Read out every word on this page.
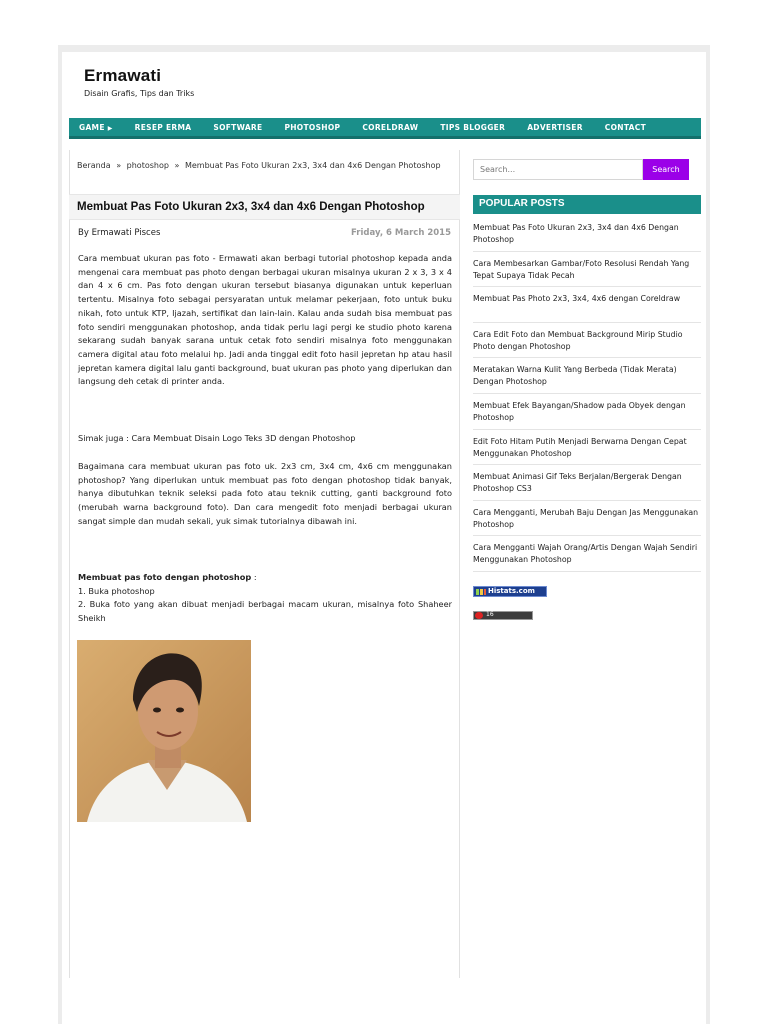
Ermawati
Disain Grafis, Tips dan Triks
GAME ▶	RESEP ERMA	SOFTWARE	PHOTOSHOP	CORELDRAW	TIPS BLOGGER	ADVERTISER	CONTACT
Beranda » photoshop » Membuat Pas Foto Ukuran 2x3, 3x4 dan 4x6 Dengan Photoshop
Membuat Pas Foto Ukuran 2x3, 3x4 dan 4x6 Dengan Photoshop
By Ermawati Pisces	Friday, 6 March 2015

Cara membuat ukuran pas foto - Ermawati akan berbagi tutorial photoshop kepada anda mengenai cara membuat pas photo dengan berbagai ukuran misalnya ukuran 2 x 3, 3 x 4 dan 4 x 6 cm. Pas foto dengan ukuran tersebut biasanya digunakan untuk keperluan tertentu. Misalnya foto sebagai persyaratan untuk melamar pekerjaan, foto untuk buku nikah, foto untuk KTP, Ijazah, sertifikat dan lain-lain. Kalau anda sudah bisa membuat pas foto sendiri menggunakan photoshop, anda tidak perlu lagi pergi ke studio photo karena sekarang sudah banyak sarana untuk cetak foto sendiri misalnya foto menggunakan camera digital atau foto melalui hp. Jadi anda tinggal edit foto hasil jepretan hp atau hasil jepretan kamera digital lalu ganti background, buat ukuran pas photo yang diperlukan dan langsung deh cetak di printer anda.

Simak juga : Cara Membuat Disain Logo Teks 3D dengan Photoshop

Bagaimana cara membuat ukuran pas foto uk. 2x3 cm, 3x4 cm, 4x6 cm menggunakan photoshop? Yang diperlukan untuk membuat pas foto dengan photoshop tidak banyak, hanya dibutuhkan teknik seleksi pada foto atau teknik cutting, ganti background foto (merubah warna background foto). Dan cara mengedit foto menjadi berbagai ukuran sangat simple dan mudah sekali, yuk simak tutorialnya dibawah ini.

Membuat pas foto dengan photoshop :
1. Buka photoshop
2. Buka foto yang akan dibuat menjadi berbagai macam ukuran, misalnya foto Shaheer Sheikh
Search...	Search
POPULAR POSTS
Membuat Pas Foto Ukuran 2x3, 3x4 dan 4x6 Dengan Photoshop
Cara Membesarkan Gambar/Foto Resolusi Rendah Yang Tepat Supaya Tidak Pecah
Membuat Pas Photo 2x3, 3x4, 4x6 dengan Coreldraw
Cara Edit Foto dan Membuat Background Mirip Studio Photo dengan Photoshop
Meratakan Warna Kulit Yang Berbeda (Tidak Merata) Dengan Photoshop
Membuat Efek Bayangan/Shadow pada Obyek dengan Photoshop
Edit Foto Hitam Putih Menjadi Berwarna Dengan Cepat Menggunakan Photoshop
Membuat Animasi Gif Teks Berjalan/Bergerak Dengan Photoshop CS3
Cara Mengganti, Merubah Baju Dengan Jas Menggunakan Photoshop
Cara Mengganti Wajah Orang/Artis Dengan Wajah Sendiri Menggunakan Photoshop
Histats.com
16
